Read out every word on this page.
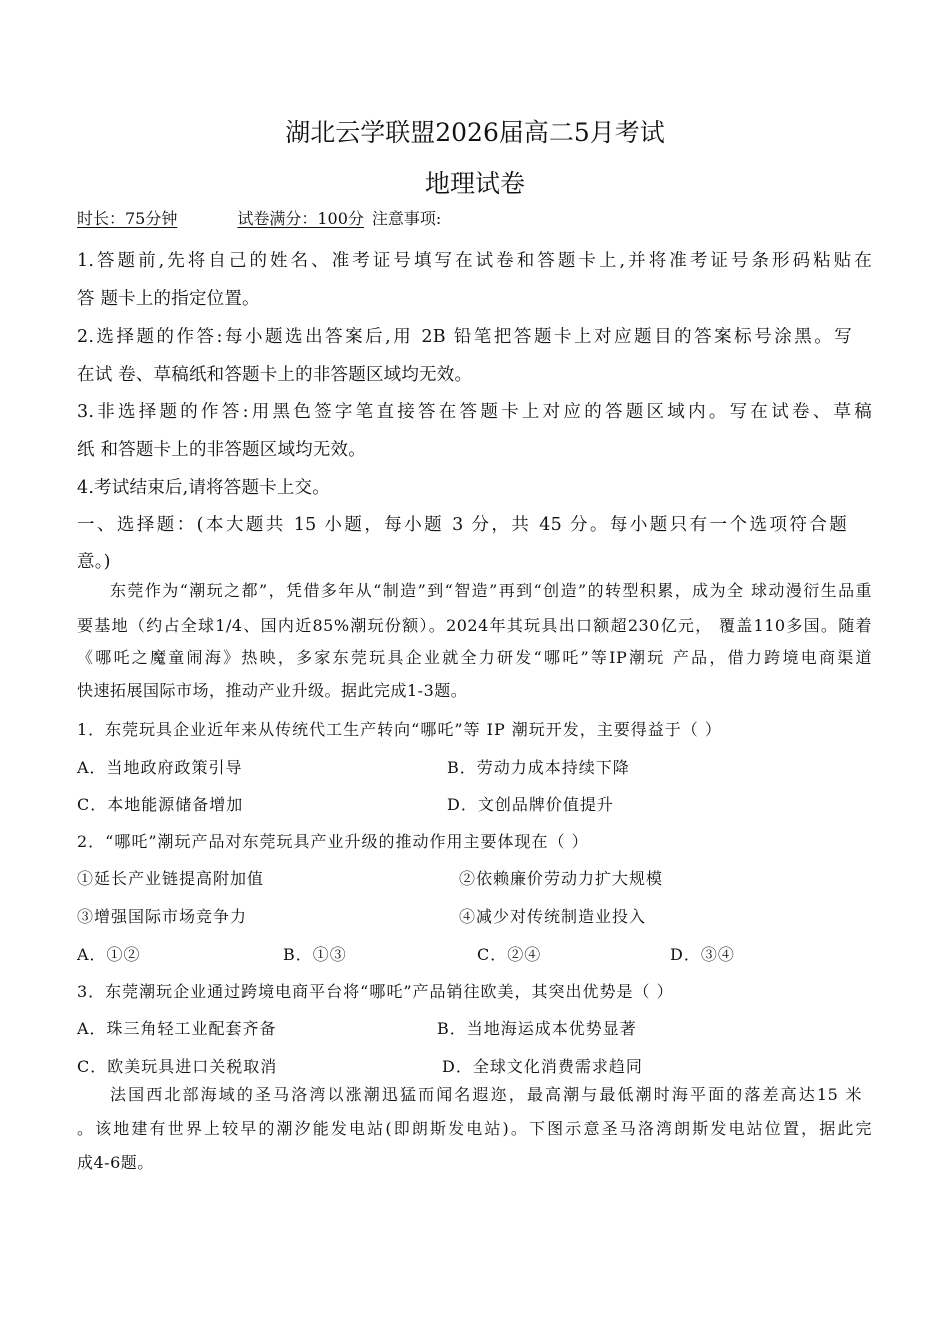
湖北云学联盟2026届高二5月考试
地理试卷
时长：75分钟	试卷满分：100分 注意事项:
1.答题前,先将自己的姓名、准考证号填写在试卷和答题卡上,并将准考证号条形码粘贴在
答 题卡上的指定位置。
2.选择题的作答:每小题选出答案后,用 2B 铅笔把答题卡上对应题目的答案标号涂黑。写
在试 卷、草稿纸和答题卡上的非答题区域均无效。
3.非选择题的作答:用黑色签字笔直接答在答题卡上对应的答题区域内。写在试卷、草稿
纸 和答题卡上的非答题区域均无效。
4.考试结束后,请将答题卡上交。
一、选择题：(本大题共 15 小题，每小题 3 分，共 45 分。每小题只有一个选项符合题
意。)
东莞作为“潮玩之都”，凭借多年从“制造”到“智造”再到“创造”的转型积累，成为全 球动漫衍生品重
要基地（约占全球1/4、国内近85%潮玩份额）。2024年其玩具出口额超230亿元， 覆盖110多国。随着
《哪吒之魔童闹海》热映，多家东莞玩具企业就全力研发“哪吒”等IP潮玩 产品，借力跨境电商渠道
快速拓展国际市场，推动产业升级。据此完成1-3题。
1．东莞玩具企业近年来从传统代工生产转向“哪吒”等 IP 潮玩开发，主要得益于（ ）
A．当地政府政策引导	B．劳动力成本持续下降
C．本地能源储备增加	D．文创品牌价值提升
2．“哪吒”潮玩产品对东莞玩具产业升级的推动作用主要体现在（ ）
①延长产业链提高附加值	②依赖廉价劳动力扩大规模
③增强国际市场竞争力	④减少对传统制造业投入
A．①②	B．①③	C．②④	D．③④
3．东莞潮玩企业通过跨境电商平台将“哪吒”产品销往欧美，其突出优势是（ ）
A．珠三角轻工业配套齐备	B．当地海运成本优势显著
C．欧美玩具进口关税取消	D．全球文化消费需求趋同
法国西北部海域的圣马洛湾以涨潮迅猛而闻名遐迩，最高潮与最低潮时海平面的落差高达15 米
。该地建有世界上较早的潮汐能发电站(即朗斯发电站)。下图示意圣马洛湾朗斯发电站位置，据此完
成4-6题。
